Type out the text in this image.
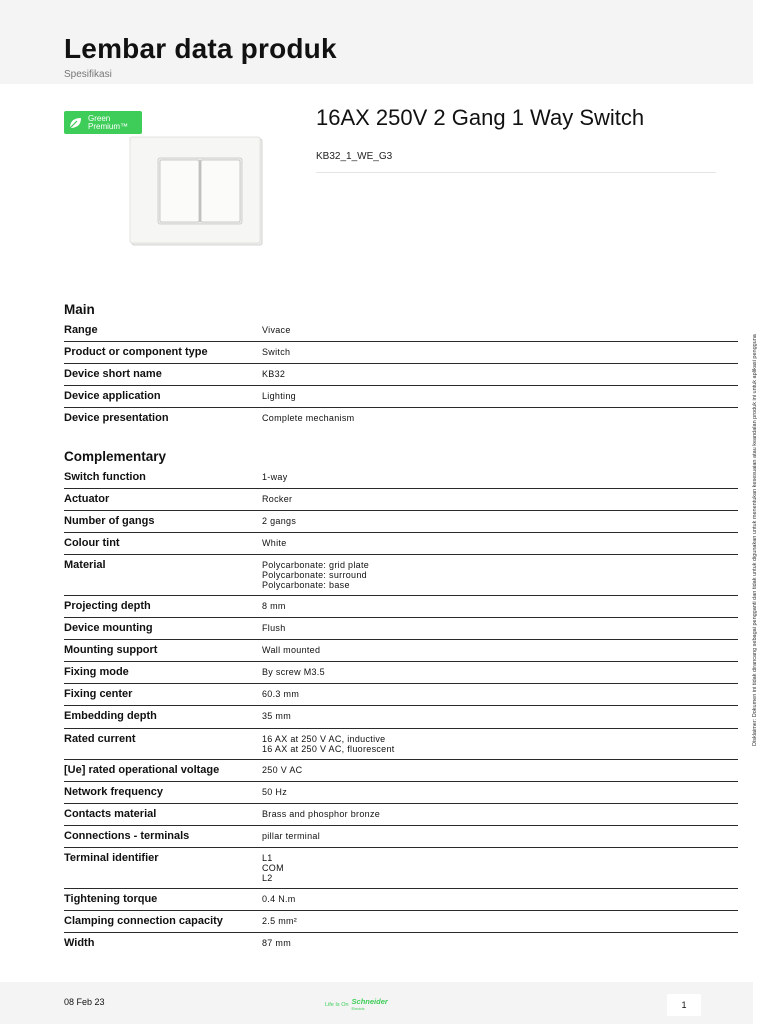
Lembar data produk
Spesifikasi
Green
Premium™	16AX 250V 2 Gang 1 Way Switch
KB32_1_WE_G3
Main
Range	Vivace
Product or component type	Switch
Device short name	KB32
Device application	Lighting
Device presentation	Complete mechanism
Complementary
Switch function	1-way
Actuator	Rocker
Number of gangs	2 gangs
Colour tint	White
Material	Polycarbonate: grid plate
Polycarbonate: surround
Polycarbonate: base
Projecting depth	8 mm
Device mounting	Flush
Mounting support	Wall mounted
Fixing mode	By screw M3.5
Fixing center	60.3 mm
Embedding depth	35 mm
Rated current	16 AX at 250 V AC, inductive
16 AX at 250 V AC, fluorescent
[Ue] rated operational voltage	250 V AC
Network frequency	50 Hz
Contacts material	Brass and phosphor bronze
Connections - terminals	pillar terminal
Terminal identifier	L1
COM
L2
Tightening torque	0.4 N.m
Clamping connection capacity	2.5 mm²
Width	87 mm
Disklaimer: Dokumen ini tidak dirancang sebagai pengganti dan tidak untuk digunakan untuk menentukan kesesuaian atau keandalan produk ini untuk aplikasi pengguna
08 Feb 23	Life Is On Schneider
Electric	1
